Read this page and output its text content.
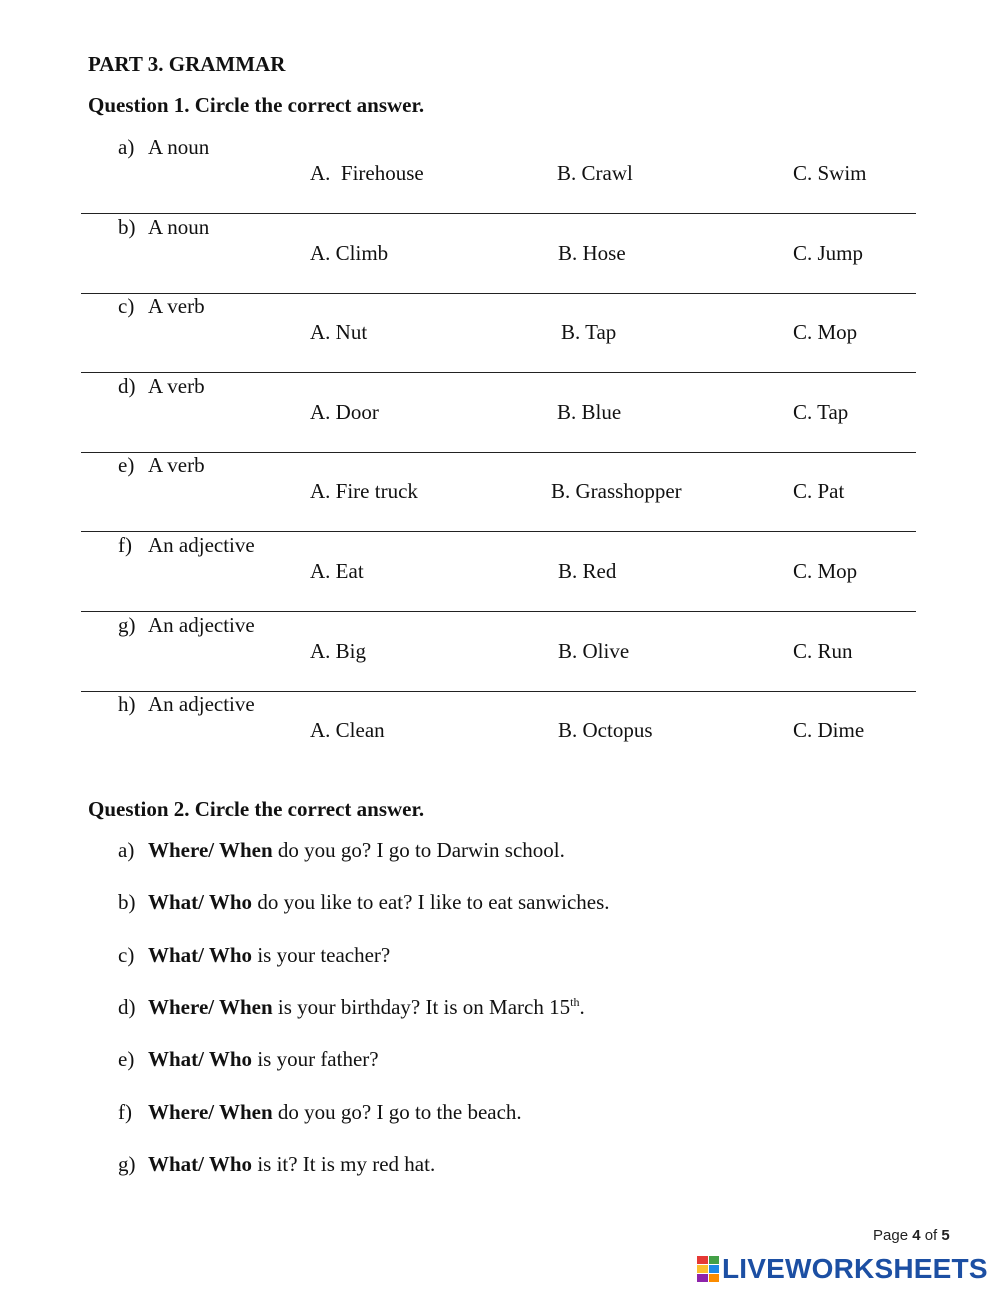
PART 3. GRAMMAR
Question 1. Circle the correct answer.
a) A noun
A.  Firehouse	B. Crawl	C. Swim
b) A noun
A. Climb	B. Hose	C. Jump
c) A verb
A. Nut	B. Tap	C. Mop
d) A verb
A. Door	B. Blue	C. Tap
e) A verb
A. Fire truck	B. Grasshopper	C. Pat
f) An adjective
A. Eat	B. Red	C. Mop
g) An adjective
A. Big	B. Olive	C. Run
h) An adjective
A. Clean	B. Octopus	C. Dime
Question 2. Circle the correct answer.
a) Where/ When do you go? I go to Darwin school.
b) What/ Who do you like to eat? I like to eat sanwiches.
c) What/ Who is your teacher?
d) Where/ When is your birthday? It is on March 15th.
e) What/ Who is your father?
f) Where/ When do you go? I go to the beach.
g) What/ Who is it? It is my red hat.
Page 4 of 5
LIVEWORKSHEETS
